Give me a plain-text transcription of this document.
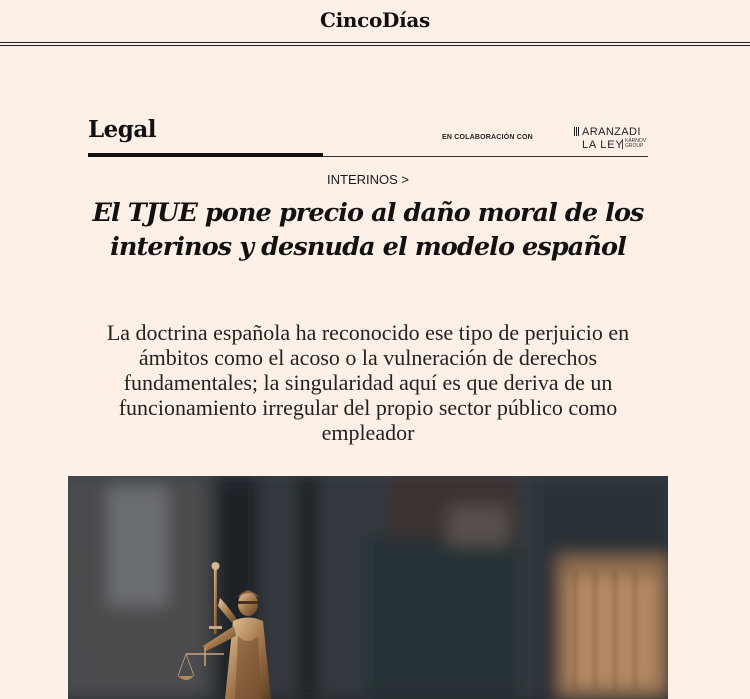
CincoDías
Legal	EN COLABORACIÓN CON	ARANZADI
LA LEY KARNOV GROUP
INTERINOS >
El TJUE pone precio al daño moral de los interinos y desnuda el modelo español

La doctrina española ha reconocido ese tipo de perjuicio en ámbitos como el acoso o la vulneración de derechos fundamentales; la singularidad aquí es que deriva de un funcionamiento irregular del propio sector público como empleador
